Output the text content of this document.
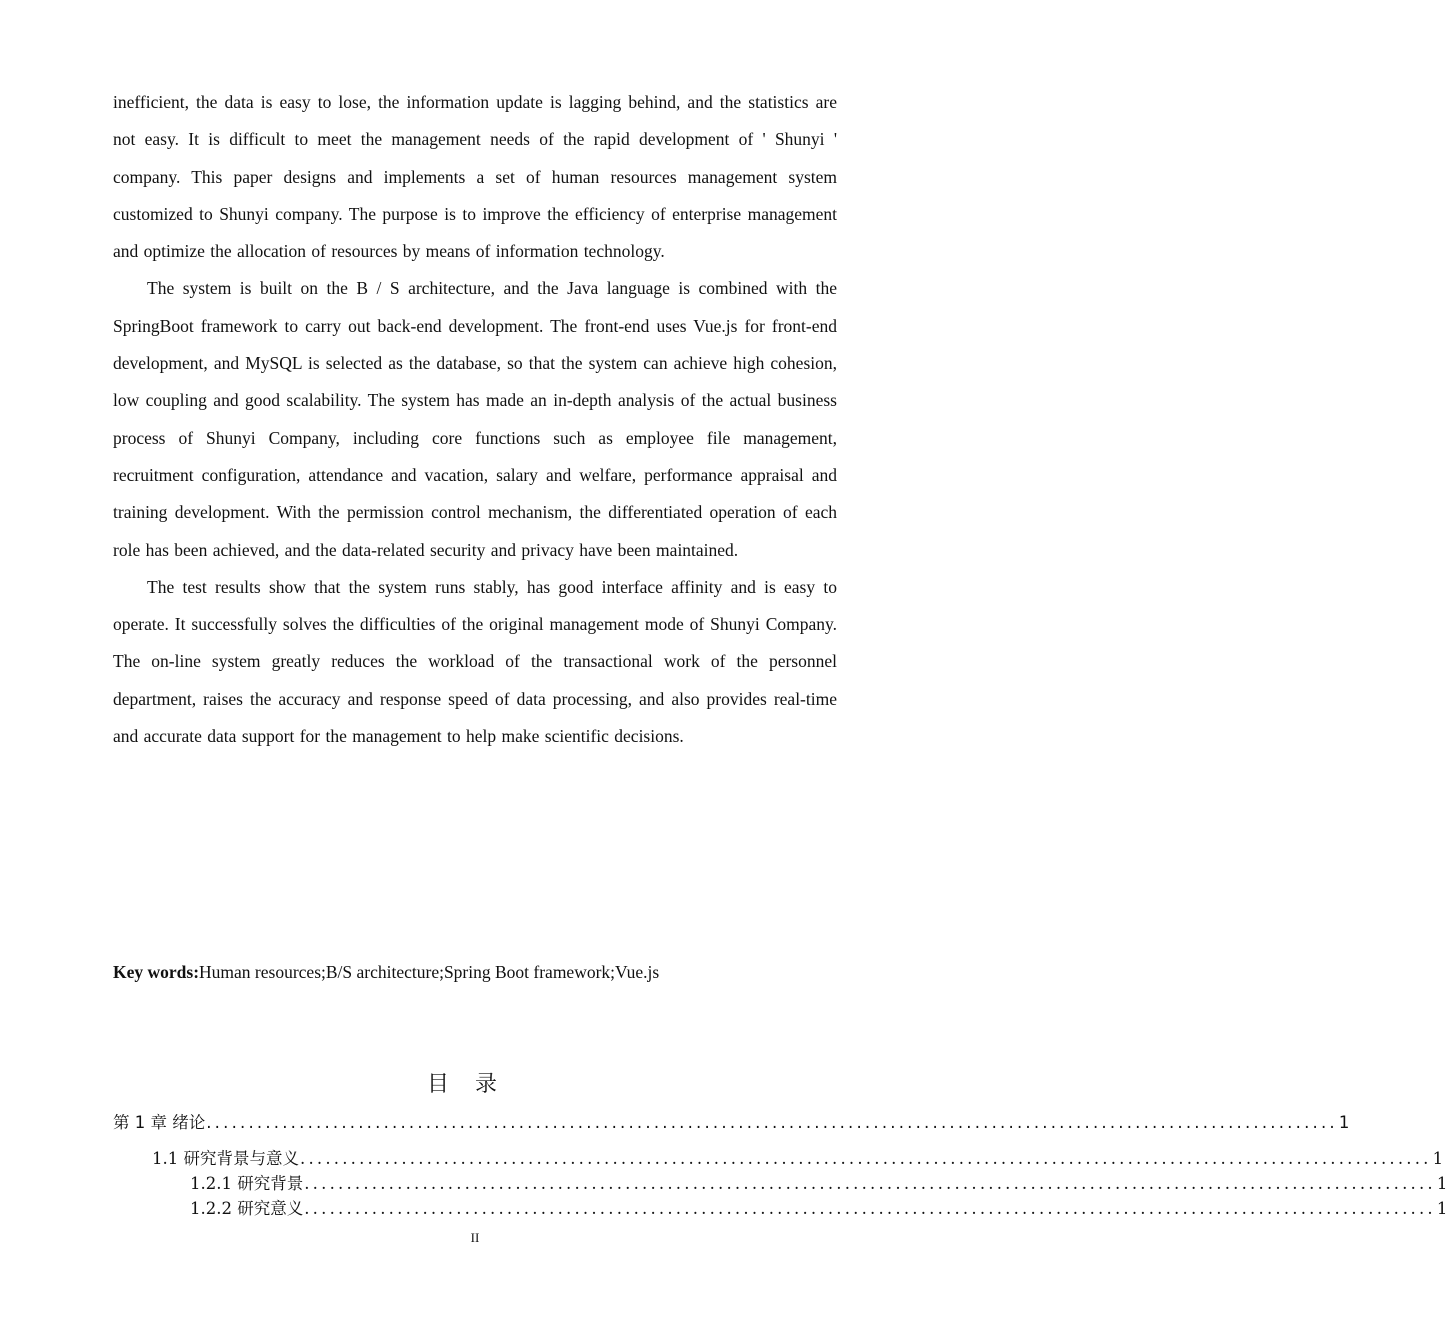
inefficient, the data is easy to lose, the information update is lagging behind, and the statistics are not easy. It is difficult to meet the management needs of the rapid development of ' Shunyi ' company. This paper designs and implements a set of human resources management system customized to Shunyi company. The purpose is to improve the efficiency of enterprise management and optimize the allocation of resources by means of information technology.

The system is built on the B / S architecture, and the Java language is combined with the SpringBoot framework to carry out back-end development. The front-end uses Vue.js for front-end development, and MySQL is selected as the database, so that the system can achieve high cohesion, low coupling and good scalability. The system has made an in-depth analysis of the actual business process of Shunyi Company, including core functions such as employee file management, recruitment configuration, attendance and vacation, salary and welfare, performance appraisal and training development. With the permission control mechanism, the differentiated operation of each role has been achieved, and the data-related security and privacy have been maintained.

The test results show that the system runs stably, has good interface affinity and is easy to operate. It successfully solves the difficulties of the original management mode of Shunyi Company. The on-line system greatly reduces the workload of the transactional work of the personnel department, raises the accuracy and response speed of data processing, and also provides real-time and accurate data support for the management to help make scientific decisions.

Key words:Human resources;B/S architecture;Spring Boot framework;Vue.js
目录
第 1 章 绪论 ...................................................................................................................................... 1
1.1 研究背景与意义 ...................................................................................................................................... 1
1.2.1 研究背景 ...................................................................................................................................... 1
1.2.2 研究意义 ...................................................................................................................................... 1
II
